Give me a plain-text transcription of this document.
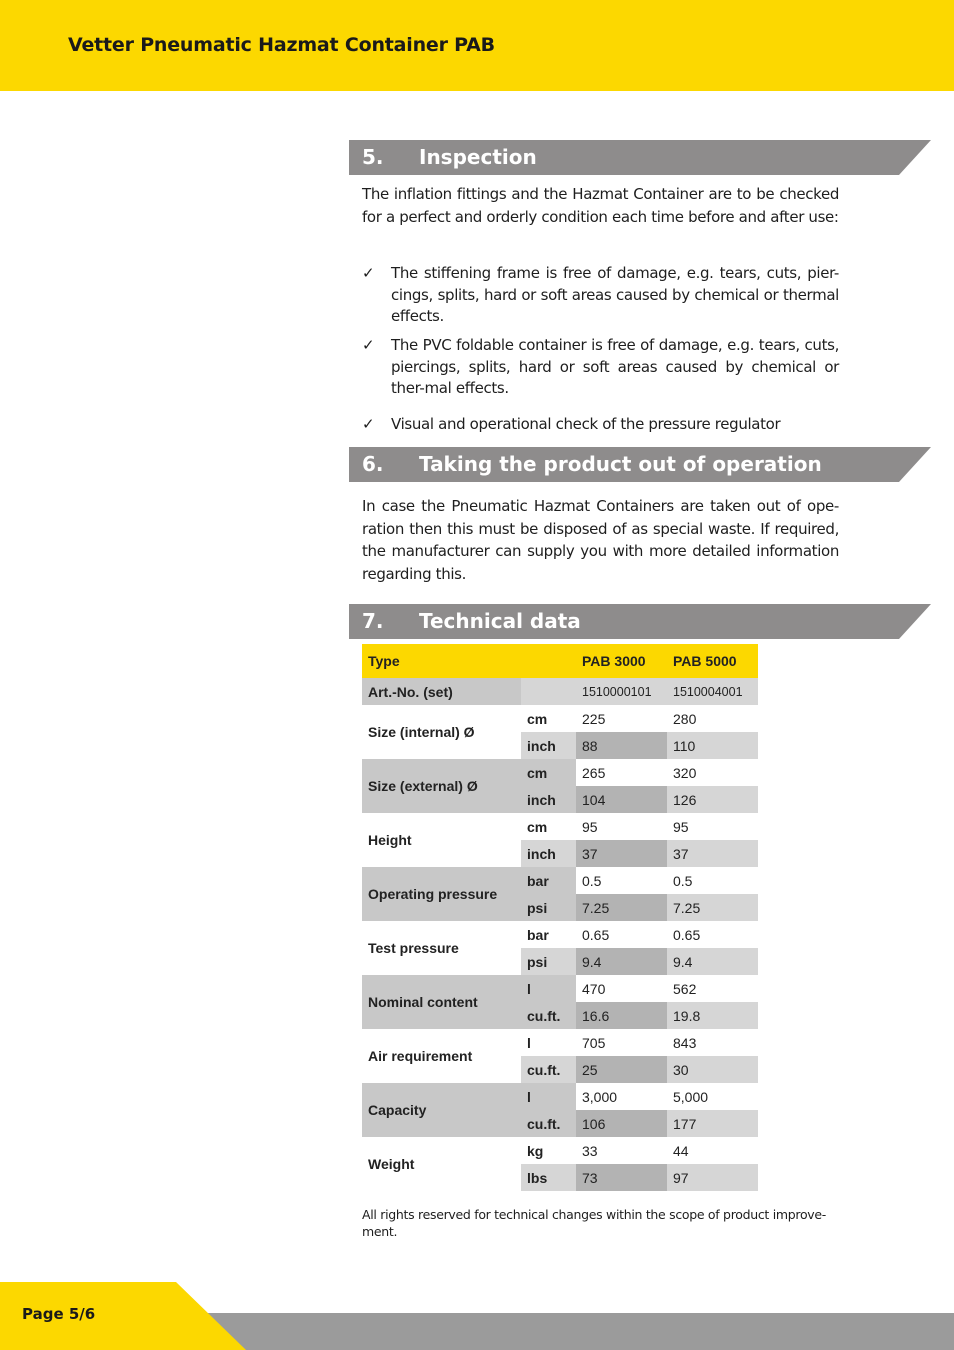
Vetter Pneumatic Hazmat Container PAB
5. Inspection

The inflation fittings and the Hazmat Container are to be checked for a perfect and orderly condition each time before and after use:

✓ The stiffening frame is free of damage, e.g. tears, cuts, pier-cings, splits, hard or soft areas caused by chemical or thermal effects.
✓ The PVC foldable container is free of damage, e.g. tears, cuts, piercings, splits, hard or soft areas caused by chemical or ther-mal effects.
✓ Visual and operational check of the pressure regulator
6. Taking the product out of operation

In case the Pneumatic Hazmat Containers are taken out of ope-ration then this must be disposed of as special waste. If required, the manufacturer can supply you with more detailed information regarding this.

7. Technical data
Type		PAB 3000	PAB 5000
Art.-No. (set)		1510000101	1510004001
Size (internal) Ø	cm	225	280
	inch	88	110
Size (external) Ø	cm	265	320
	inch	104	126
Height	cm	95	95
	inch	37	37
Operating pressure	bar	0.5	0.5
	psi	7.25	7.25
Test pressure	bar	0.65	0.65
	psi	9.4	9.4
Nominal content	l	470	562
	cu.ft.	16.6	19.8
Air requirement	l	705	843
	cu.ft.	25	30
Capacity	l	3,000	5,000
	cu.ft.	106	177
Weight	kg	33	44
	lbs	73	97
All rights reserved for technical changes within the scope of product improve-ment.
Page 5/6
